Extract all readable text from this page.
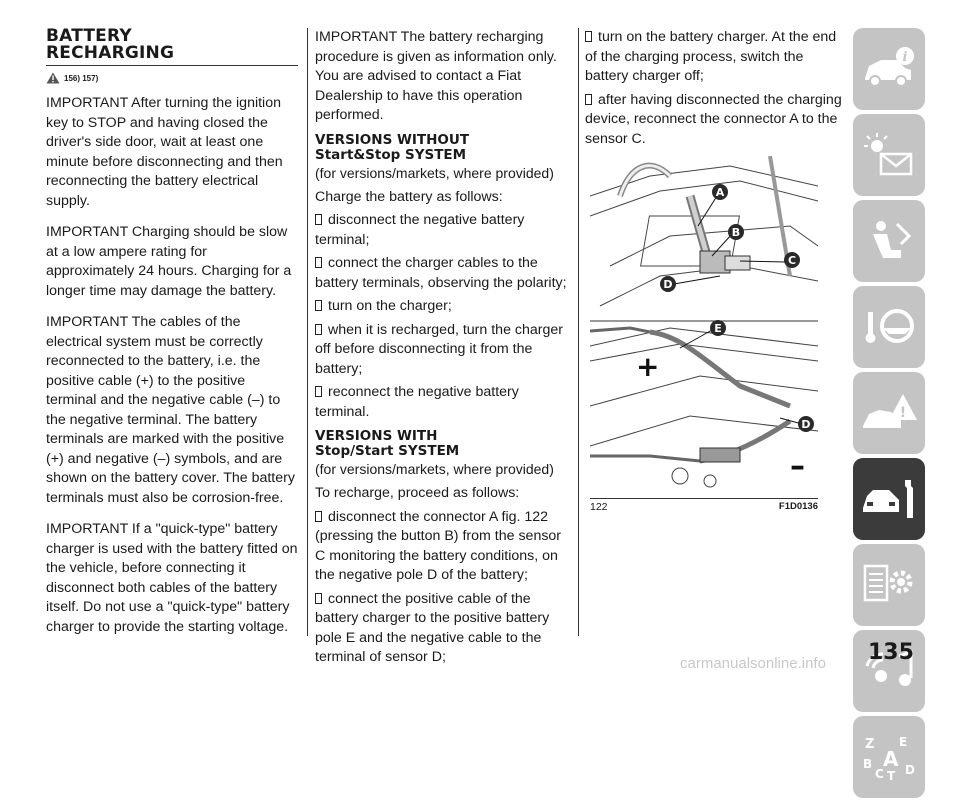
BATTERY
RECHARGING
156) 157)

IMPORTANT After turning the ignition key to STOP and having closed the driver's side door, wait at least one minute before disconnecting and then reconnecting the battery electrical supply.

IMPORTANT Charging should be slow at a low ampere rating for approximately 24 hours. Charging for a longer time may damage the battery.

IMPORTANT The cables of the electrical system must be correctly reconnected to the battery, i.e. the positive cable (+) to the positive terminal and the negative cable (–) to the negative terminal. The battery terminals are marked with the positive (+) and negative (–) symbols, and are shown on the battery cover. The battery terminals must also be corrosion-free.

IMPORTANT If a "quick-type" battery charger is used with the battery fitted on the vehicle, before connecting it disconnect both cables of the battery itself. Do not use a "quick-type" battery charger to provide the starting voltage.

IMPORTANT The battery recharging procedure is given as information only. You are advised to contact a Fiat Dealership to have this operation performed.

VERSIONS WITHOUT
Start&Stop SYSTEM
(for versions/markets, where provided)
Charge the battery as follows:
disconnect the negative battery terminal;
connect the charger cables to the battery terminals, observing the polarity;
turn on the charger;
when it is recharged, turn the charger off before disconnecting it from the battery;
reconnect the negative battery terminal.
VERSIONS WITH
Stop/Start SYSTEM
(for versions/markets, where provided)
To recharge, proceed as follows:
disconnect the connector A fig. 122 (pressing the button B) from the sensor C monitoring the battery conditions, on the negative pole D of the battery;
connect the positive cable of the battery charger to the positive battery pole E and the negative cable to the terminal of sensor D;
turn on the battery charger. At the end of the charging process, switch the battery charger off;
after having disconnected the charging device, reconnect the connector A to the sensor C.
+
–
A
B
C
D
E
D
122	F1D0136
i
!
Z E
B A D
C T
135
carmanualsonline.info
